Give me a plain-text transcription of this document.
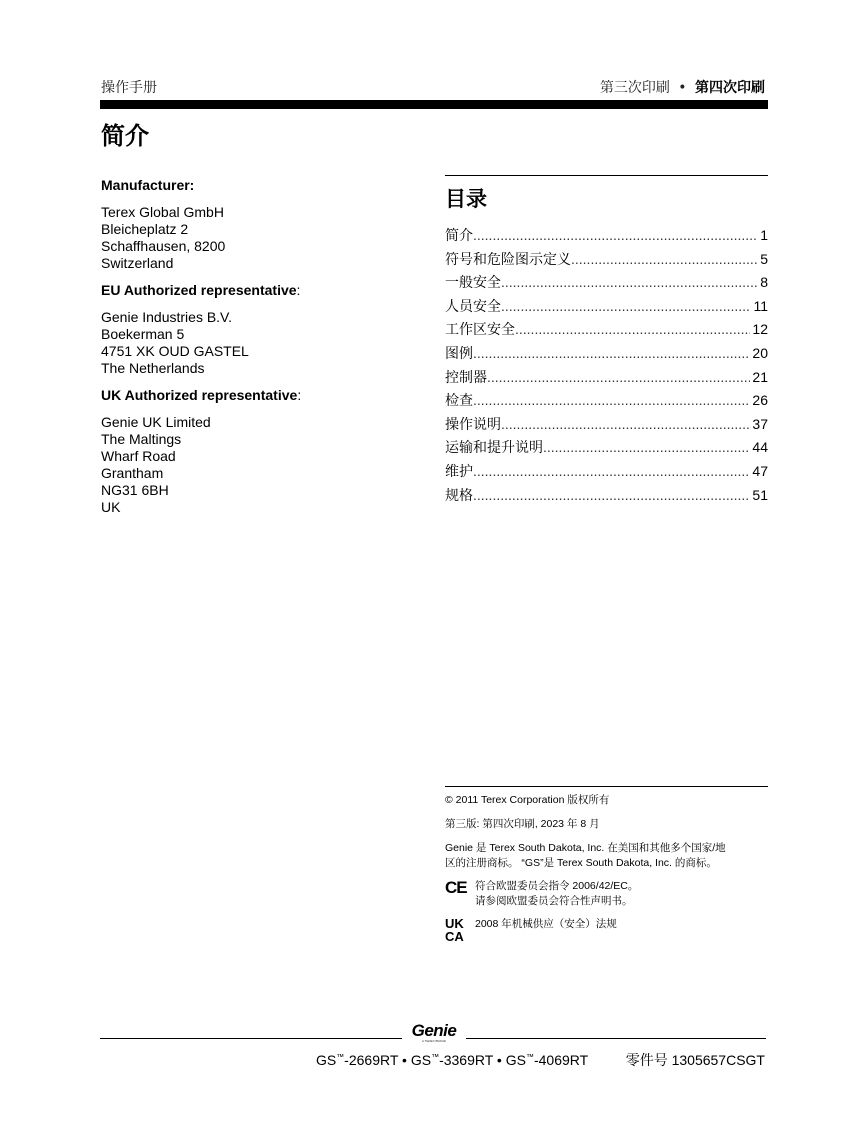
操作手册	第三次印刷 • 第四次印刷
简介
Manufacturer:
Terex Global GmbH
Bleicheplatz 2
Schaffhausen, 8200
Switzerland
EU Authorized representative:
Genie Industries B.V.
Boekerman 5
4751 XK OUD GASTEL
The Netherlands
UK Authorized representative:
Genie UK Limited
The Maltings
Wharf Road
Grantham
NG31 6BH
UK
目录
简介 .....	1
符号和危险图示定义 .....	5
一般安全 .....	8
人员安全 .....	11
工作区安全 .....	12
图例 .....	20
控制器 .....	21
检查 .....	26
操作说明 .....	37
运输和提升说明 .....	44
维护 .....	47
规格 .....	51

© 2011 Terex Corporation 版权所有

第三版: 第四次印刷, 2023 年 8 月

Genie 是 Terex South Dakota, Inc. 在美国和其他多个国家/地
区的注册商标。 “GS”是 Terex South Dakota, Inc. 的商标。

CE 符合欧盟委员会指令 2006/42/EC。
请参阅欧盟委员会符合性声明书。
UK
CA
2008 年机械供应（安全）法规
Genie
A TEREX BRAND
GS™-2669RT • GS™-3369RT • GS™-4069RT	零件号 1305657CSGT
